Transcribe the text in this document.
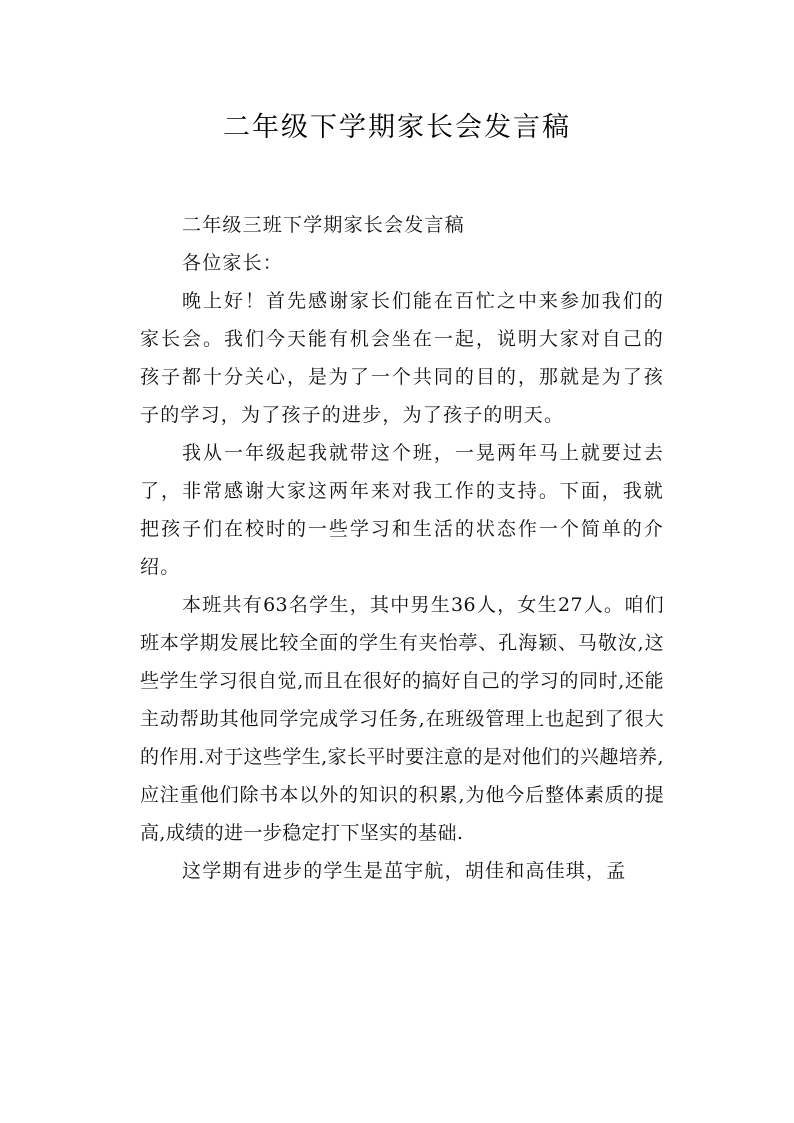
二年级下学期家长会发言稿

二年级三班下学期家长会发言稿

各位家长：

晚上好！首先感谢家长们能在百忙之中来参加我们的家长会。我们今天能有机会坐在一起，说明大家对自己的孩子都十分关心，是为了一个共同的目的，那就是为了孩子的学习，为了孩子的进步，为了孩子的明天。

我从一年级起我就带这个班，一晃两年马上就要过去了，非常感谢大家这两年来对我工作的支持。下面，我就把孩子们在校时的一些学习和生活的状态作一个简单的介绍。

本班共有63名学生，其中男生36人，女生27人。咱们班本学期发展比较全面的学生有夹怡葶、孔海颖、马敬汝,这些学生学习很自觉,而且在很好的搞好自己的学习的同时,还能主动帮助其他同学完成学习任务,在班级管理上也起到了很大的作用.对于这些学生,家长平时要注意的是对他们的兴趣培养,应注重他们除书本以外的知识的积累,为他今后整体素质的提高,成绩的进一步稳定打下坚实的基础.

这学期有进步的学生是茁宇航，胡佳和高佳琪，孟
